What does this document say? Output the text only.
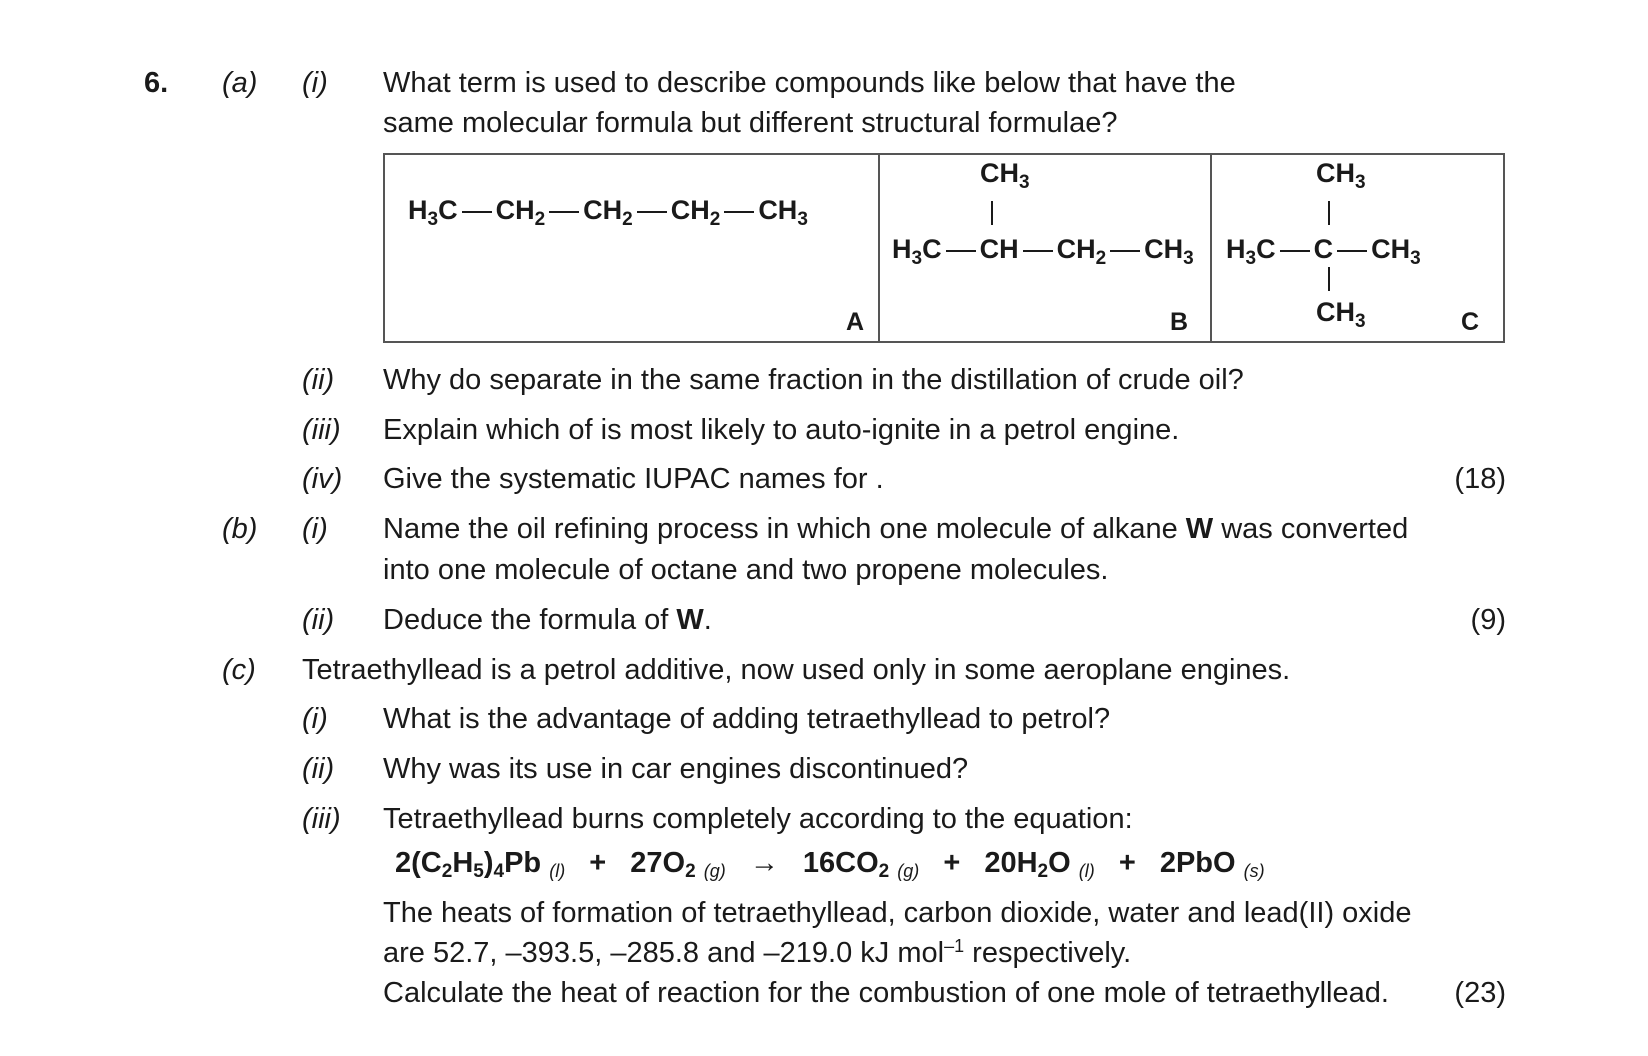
6. (a) (i) What term is used to describe compounds like below that have the
same molecular formula but different structural formulae?
$H_3C$ $CH_2$ $CH_2$ $CH_2$ $CH_3$
A

$CH_3$
$H_3C$ CH $CH_2$ $CH_3$
B

$CH_3$
$H_3C$ C $CH_3$
$CH_3$	C
(ii) Why do separate in the same fraction in the distillation of crude oil?
(iii) Explain which of is most likely to auto-ignite in a petrol engine.
(iv) Give the systematic IUPAC names for .	(18)
(b) (i) Name the oil refining process in which one molecule of alkane W was converted
into one molecule of octane and two propene molecules.
(ii) Deduce the formula of W.	(9)
(c) Tetraethyllead is a petrol additive, now used only in some aeroplane engines.
(i) What is the advantage of adding tetraethyllead to petrol?
(ii) Why was its use in car engines discontinued?
(iii) Tetraethyllead burns completely according to the equation:
$2(C_2H_5)_4Pb$ $(l) + 27O_2$ $(g) \to 16CO_2$ $(g) + 20H_2O$ (l) + 2PbO (s)
The heats of formation of tetraethyllead, carbon dioxide, water and lead(II) oxide
are 52.7, –393.5, –285.8 and –219.0 kJ mol$^{-1}$ respectively.
Calculate the heat of reaction for the combustion of one mole of tetraethyllead. (23)
